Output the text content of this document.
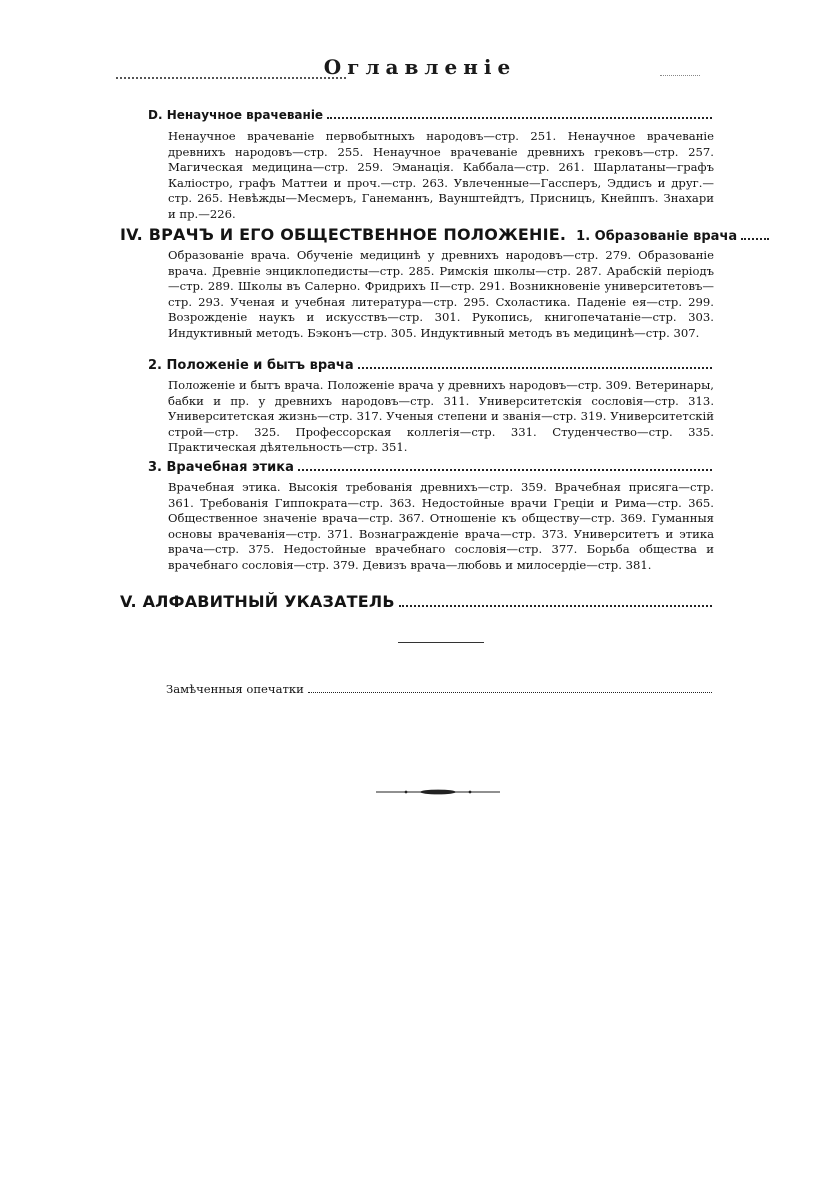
Оглавленіе
D. Ненаучное врачеваніе
Ненаучное врачеваніе первобытныхъ народовъ—стр. 251. Ненаучное врачеваніе древнихъ народовъ—стр. 255. Ненаучное врачеваніе древнихъ грековъ—стр. 257. Магическая медицина—стр. 259. Эманація. Каббала—стр. 261. Шарлатаны—графъ Каліостро, графъ Маттеи и проч.—стр. 263. Увлеченные—Гассперъ, Эддисъ и друг.—стр. 265. Невѣжды—Месмеръ, Ганеманнъ, Ваунштейдтъ, Присницъ, Кнейппъ. Знахари и пр.—226.
IV. ВРАЧЪ И ЕГО ОБЩЕСТВЕННОЕ ПОЛОЖЕНІЕ. 1. Образованіе врача
Образованіе врача. Обученіе медицинѣ у древнихъ народовъ—стр. 279. Образованіе врача. Древніе энциклопедисты—стр. 285. Римскія школы—стр. 287. Арабскій періодъ—стр. 289. Школы въ Салерно. Фридрихъ II—стр. 291. Возникновеніе университетовъ—стр. 293. Ученая и учебная литература—стр. 295. Схоластика. Паденіе ея—стр. 299. Возрожденіе наукъ и искусствъ—стр. 301. Рукопись, книгопечатаніе—стр. 303. Индуктивный методъ. Бэконъ—стр. 305. Индуктивный методъ въ медицинѣ—стр. 307.
2. Положеніе и бытъ врача
Положеніе и бытъ врача. Положеніе врача у древнихъ народовъ—стр. 309. Ветеринары, бабки и пр. у древнихъ народовъ—стр. 311. Университетскія сословія—стр. 313. Университетская жизнь—стр. 317. Ученыя степени и званія—стр. 319. Университетскій строй—стр. 325. Профессорская коллегія—стр. 331. Студенчество—стр. 335. Практическая дѣятельность—стр. 351.
3. Врачебная этика
Врачебная этика. Высокія требованія древнихъ—стр. 359. Врачебная присяга—стр. 361. Требованія Гиппократа—стр. 363. Недостойные врачи Греціи и Рима—стр. 365. Общественное значеніе врача—стр. 367. Отношеніе къ обществу—стр. 369. Гуманныя основы врачеванія—стр. 371. Вознагражденіе врача—стр. 373. Университетъ и этика врача—стр. 375. Недостойные врачебнаго сословія—стр. 377. Борьба общества и врачебнаго сословія—стр. 379. Девизъ врача—любовь и милосердіе—стр. 381.
V. АЛФАВИТНЫЙ УКАЗАТЕЛЬ
Замѣченныя опечатки
